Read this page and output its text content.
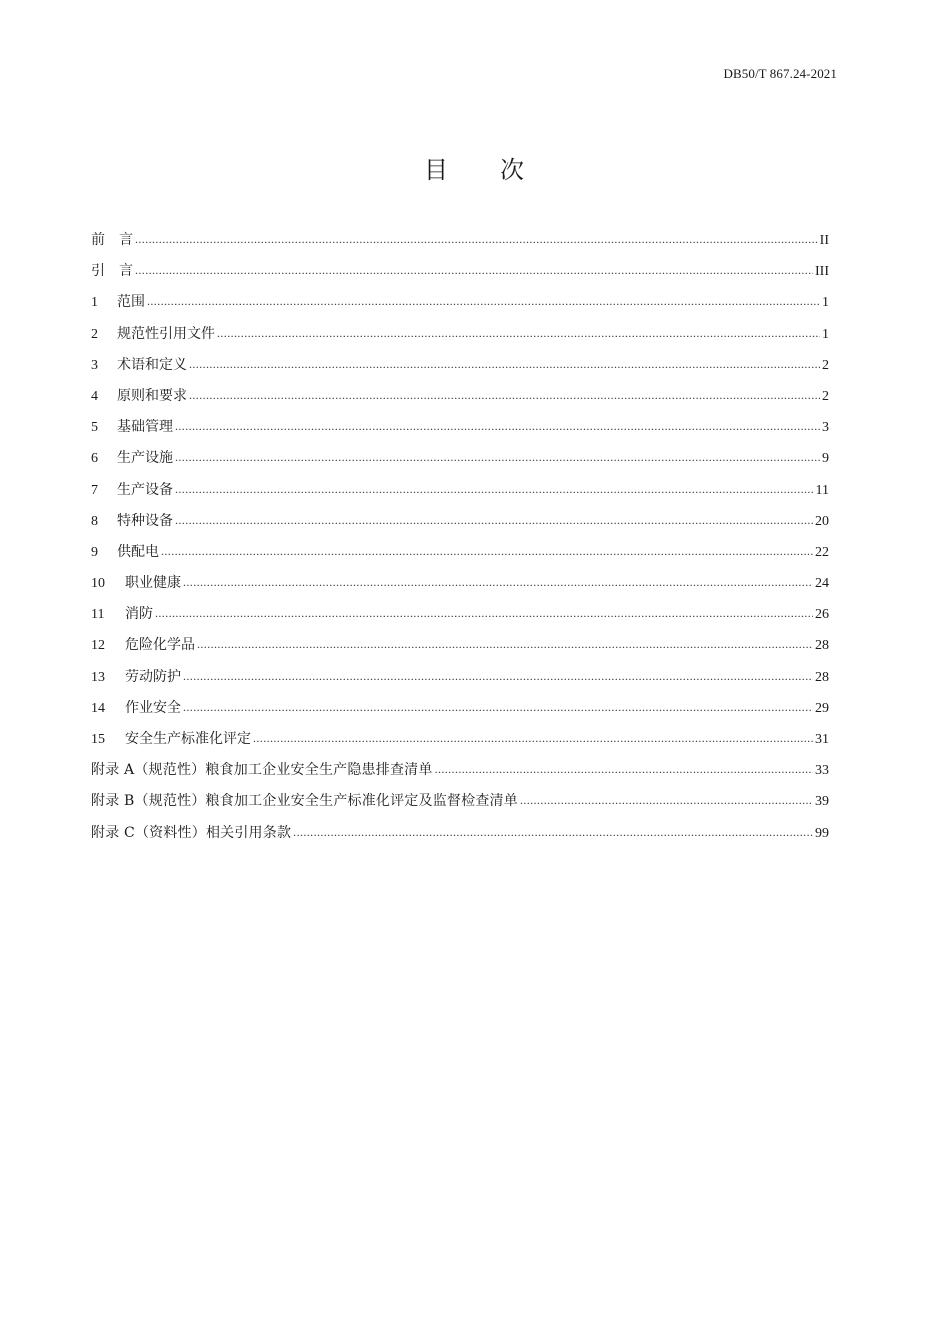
DB50/T 867.24-2021
目 次
前　言 .....	II
引　言 .....	III
1	范围 .....	1
2	规范性引用文件 .....	1
3	术语和定义 .....	2
4	原则和要求 .....	2
5	基础管理 .....	3
6	生产设施 .....	9
7	生产设备 .....	11
8	特种设备 .....	20
9	供配电 .....	22
10	职业健康 .....	24
11	消防 .....	26
12	危险化学品 .....	28
13	劳动防护 .....	28
14	作业安全 .....	29
15	安全生产标准化评定 .....	31
附录 A（规范性）粮食加工企业安全生产隐患排查清单 .....	33
附录 B（规范性）粮食加工企业安全生产标准化评定及监督检查清单 .....	39
附录 C（资料性）相关引用条款 .....	99
